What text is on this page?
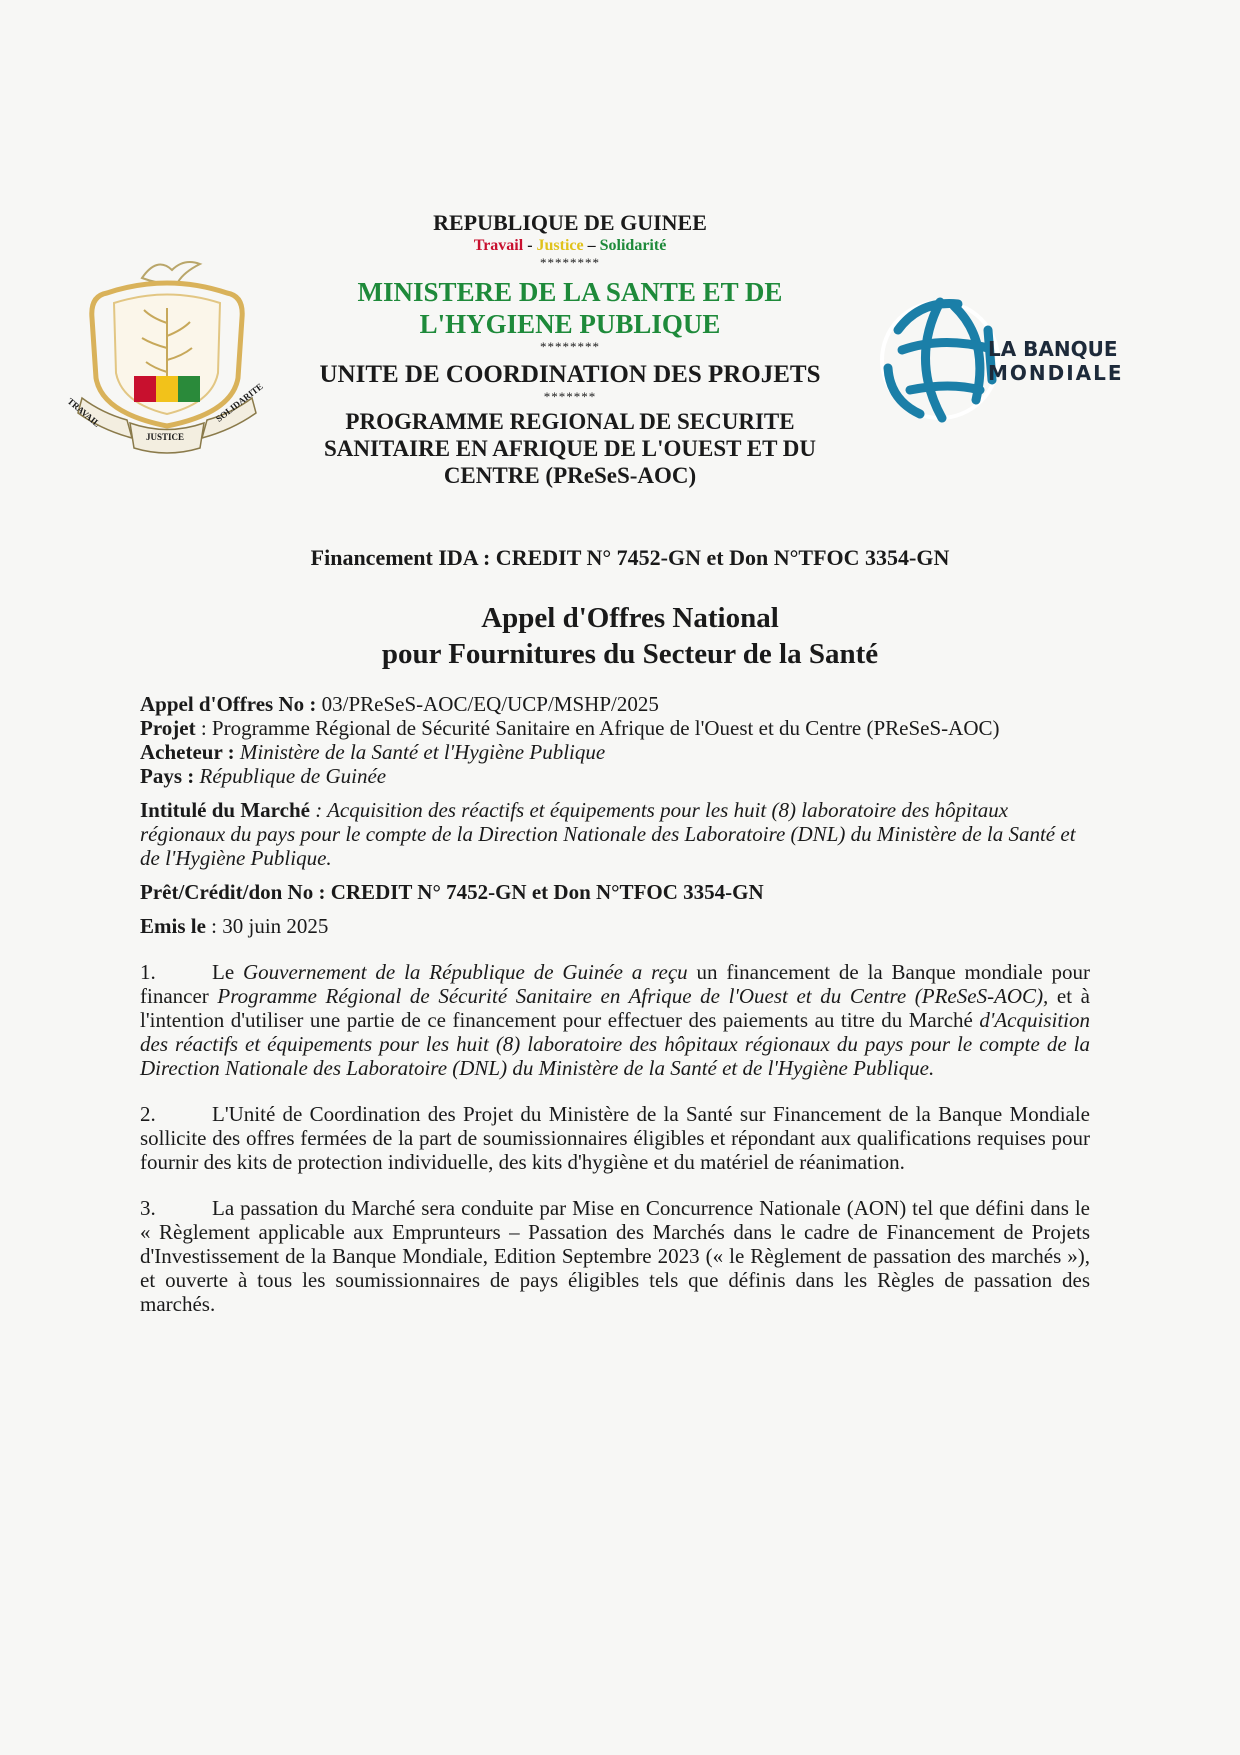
TRAVAIL
JUSTICE
SOLIDARITE
REPUBLIQUE DE GUINEE
Travail - Justice – Solidarité
********
MINISTERE DE LA SANTE ET DE
L'HYGIENE PUBLIQUE
********
UNITE DE COORDINATION DES PROJETS
*******
PROGRAMME REGIONAL DE SECURITE
SANITAIRE EN AFRIQUE DE L'OUEST ET DU
CENTRE (PReSeS-AOC)
LA BANQUE
MONDIALE
Financement IDA : CREDIT N° 7452-GN et Don N°TFOC 3354-GN
Appel d'Offres National
pour Fournitures du Secteur de la Santé

Appel d'Offres No : 03/PReSeS-AOC/EQ/UCP/MSHP/2025

Projet : Programme Régional de Sécurité Sanitaire en Afrique de l'Ouest et du Centre (PReSeS-AOC)

Acheteur : Ministère de la Santé et l'Hygiène Publique

Pays : République de Guinée

Intitulé du Marché : Acquisition des réactifs et équipements pour les huit (8) laboratoire des hôpitaux régionaux du pays pour le compte de la Direction Nationale des Laboratoire (DNL) du Ministère de la Santé et de l'Hygiène Publique.

Prêt/Crédit/don No : CREDIT N° 7452-GN et Don N°TFOC 3354-GN

Emis le : 30 juin 2025

1.	Le Gouvernement de la République de Guinée a reçu un financement de la Banque mondiale pour financer Programme Régional de Sécurité Sanitaire en Afrique de l'Ouest et du Centre (PReSeS-AOC), et à l'intention d'utiliser une partie de ce financement pour effectuer des paiements au titre du Marché d'Acquisition des réactifs et équipements pour les huit (8) laboratoire des hôpitaux régionaux du pays pour le compte de la Direction Nationale des Laboratoire (DNL) du Ministère de la Santé et de l'Hygiène Publique.

2.	L'Unité de Coordination des Projet du Ministère de la Santé sur Financement de la Banque Mondiale sollicite des offres fermées de la part de soumissionnaires éligibles et répondant aux qualifications requises pour fournir des kits de protection individuelle, des kits d'hygiène et du matériel de réanimation.

3.	La passation du Marché sera conduite par Mise en Concurrence Nationale (AON) tel que défini dans le « Règlement applicable aux Emprunteurs – Passation des Marchés dans le cadre de Financement de Projets d'Investissement de la Banque Mondiale, Edition Septembre 2023 (« le Règlement de passation des marchés »), et ouverte à tous les soumissionnaires de pays éligibles tels que définis dans les Règles de passation des marchés.
